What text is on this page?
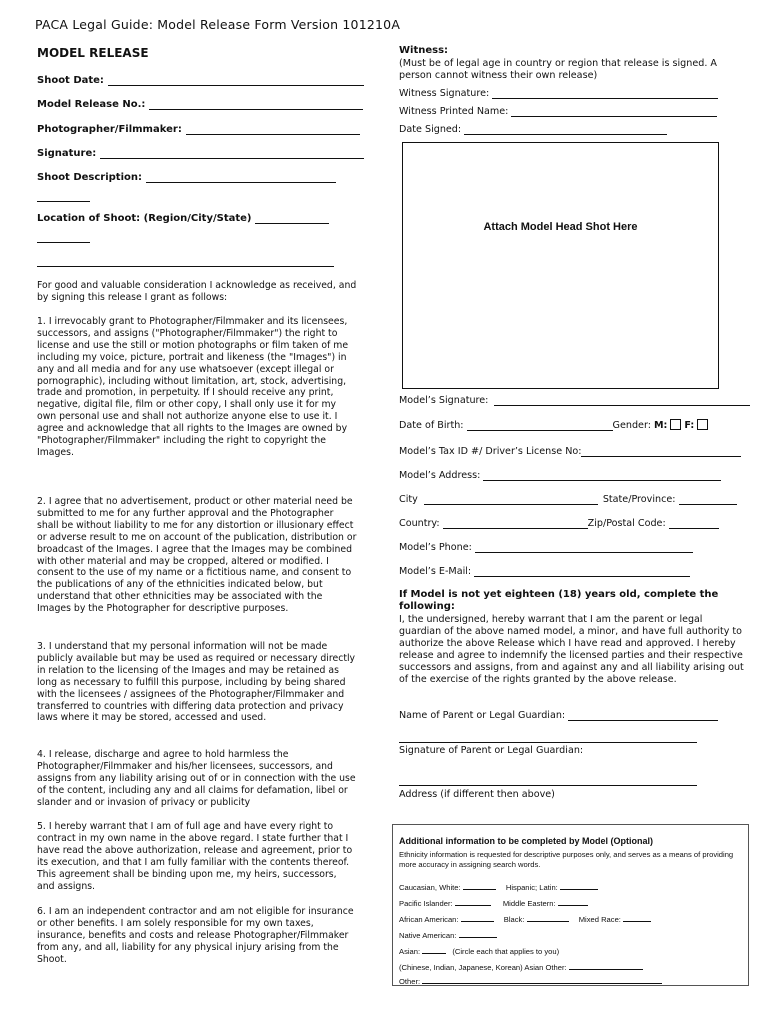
PACA Legal Guide: Model Release Form Version 101210A
MODEL RELEASE
Shoot Date:
Model Release No.:
Photographer/Filmmaker:
Signature:
Shoot Description:
Location of Shoot: (Region/City/State)
For good and valuable consideration I acknowledge as received, and by signing this release I grant as follows:
1. I irrevocably grant to Photographer/Filmmaker and its licensees, successors, and assigns ("Photographer/Filmmaker") the right to license and use the still or motion photographs or film taken of me including my voice, picture, portrait and likeness (the "Images") in any and all media and for any use whatsoever (except illegal or pornographic), including without limitation, art, stock, advertising, trade and promotion, in perpetuity. If I should receive any print, negative, digital file, film or other copy, I shall only use it for my own personal use and shall not authorize anyone else to use it. I agree and acknowledge that all rights to the Images are owned by "Photographer/Filmmaker" including the right to copyright the Images.
2. I agree that no advertisement, product or other material need be submitted to me for any further approval and the Photographer shall be without liability to me for any distortion or illusionary effect or adverse result to me on account of the publication, distribution or broadcast of the Images. I agree that the Images may be combined with other material and may be cropped, altered or modified. I consent to the use of my name or a fictitious name, and consent to the publications of any of the ethnicities indicated below, but understand that other ethnicities may be associated with the Images by the Photographer for descriptive purposes.
3. I understand that my personal information will not be made publicly available but may be used as required or necessary directly in relation to the licensing of the Images and may be retained as long as necessary to fulfill this purpose, including by being shared with the licensees / assignees of the Photographer/Filmmaker and transferred to countries with differing data protection and privacy laws where it may be stored, accessed and used.
4. I release, discharge and agree to hold harmless the Photographer/Filmmaker and his/her licensees, successors, and assigns from any liability arising out of or in connection with the use of the content, including any and all claims for defamation, libel or slander and or invasion of privacy or publicity
5. I hereby warrant that I am of full age and have every right to contract in my own name in the above regard. I state further that I have read the above authorization, release and agreement, prior to its execution, and that I am fully familiar with the contents thereof. This agreement shall be binding upon me, my heirs, successors, and assigns.
6. I am an independent contractor and am not eligible for insurance or other benefits. I am solely responsible for my own taxes, insurance, benefits and costs and release Photographer/Filmmaker from any, and all, liability for any physical injury arising from the Shoot.
Witness:
(Must be of legal age in country or region that release is signed. A person cannot witness their own release)
Witness Signature:
Witness Printed Name:
Date Signed:
Attach Model Head Shot Here
Model’s Signature:
Date of Birth:	Gender: M: F:
Model’s Tax ID #/ Driver’s License No:
Model’s Address:
City	State/Province:
Country:	Zip/Postal Code:
Model’s Phone:
Model’s E-Mail:
If Model is not yet eighteen (18) years old, complete the following:
I, the undersigned, hereby warrant that I am the parent or legal guardian of the above named model, a minor, and have full authority to authorize the above Release which I have read and approved. I hereby release and agree to indemnify the licensed parties and their respective successors and assigns, from and against any and all liability arising out of the exercise of the rights granted by the above release.
Name of Parent or Legal Guardian:
Signature of Parent or Legal Guardian:
Address (if different then above)
Additional information to be completed by Model (Optional)
Ethnicity information is requested for descriptive purposes only, and serves as a means of providing more accuracy in assigning search words.
Caucasian, White:	Hispanic; Latin:
Pacific Islander:	Middle Eastern:
African American:	Black:	Mixed Race:
Native American:
Asian:	(Circle each that applies to you)
(Chinese, Indian, Japanese, Korean) Asian Other:
Other:
